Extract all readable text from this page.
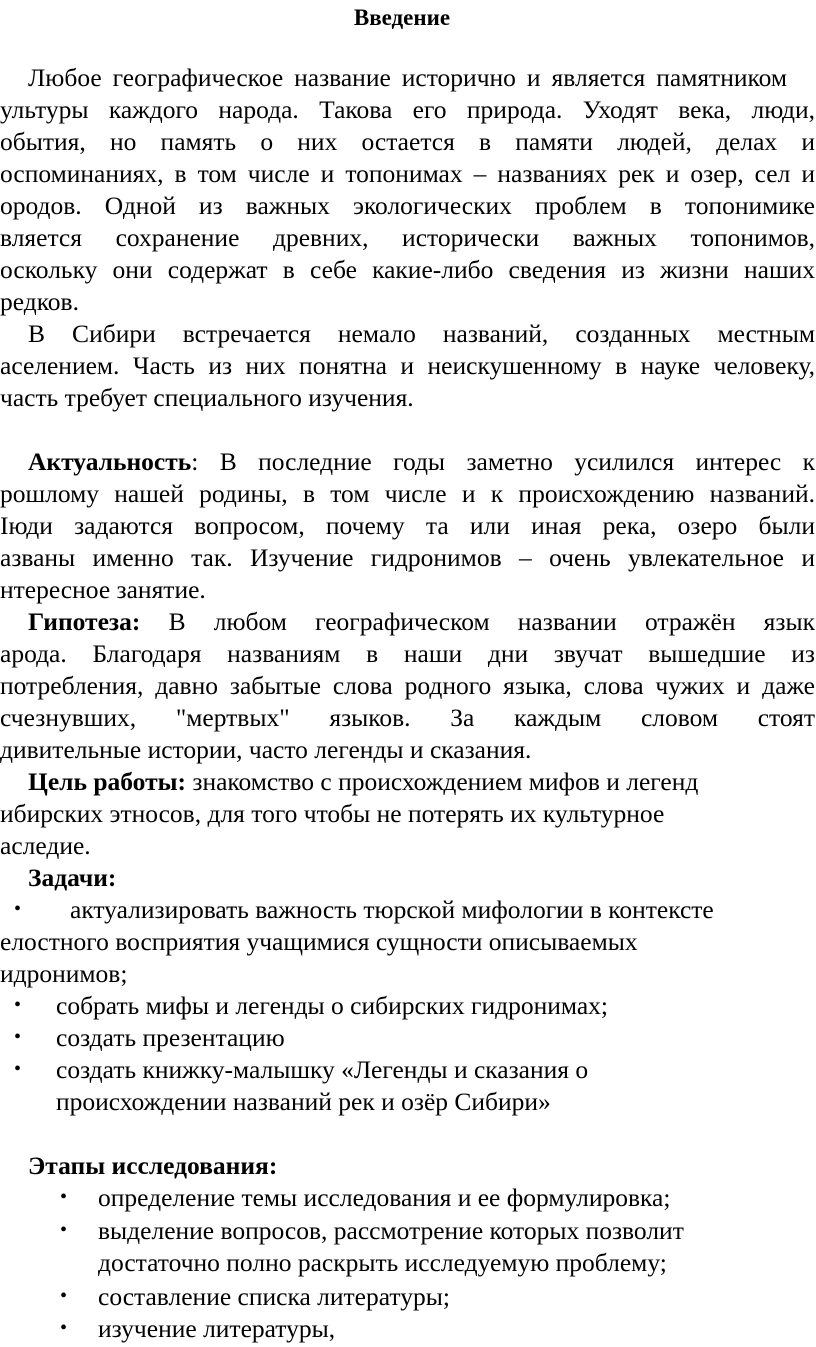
Введение
Любое географическое название исторично и является памятником
ультуры каждого народа. Такова его природа. Уходят века, люди,
обытия, но память о них остается в памяти людей, делах и
оспоминаниях, в том числе и топонимах – названиях рек и озер, сел и
ородов. Одной из важных экологических проблем в топонимике
вляется сохранение древних, исторически важных топонимов,
оскольку они содержат в себе какие-либо сведения из жизни наших
редков.
В Сибири встречается немало названий, созданных местным
аселением. Часть из них понятна и неискушенному в науке человеку,
часть требует специального изучения.
Актуальность: В последние годы заметно усилился интерес к
рошлому нашей родины, в том числе и к происхождению названий.
Іюди задаются вопросом, почему та или иная река, озеро были
азваны именно так. Изучение гидронимов – очень увлекательное и
нтересное занятие.
Гипотеза: В любом географическом названии отражён язык
арода. Благодаря названиям в наши дни звучат вышедшие из
потребления, давно забытые слова родного языка, слова чужих и даже
счезнувших, "мертвых" языков. За каждым словом стоят
дивительные истории, часто легенды и сказания.
Цель работы: знакомство с происхождением мифов и легенд
ибирских этносов, для того чтобы не потерять их культурное
аследие.
Задачи:
• актуализировать важность тюрской мифологии в контексте
елостного восприятия учащимися сущности описываемых
идронимов;
• собрать мифы и легенды о сибирских гидронимах;
• создать презентацию
• создать книжку-малышку «Легенды и сказания о
происхождении названий рек и озёр Сибири»
Этапы исследования:
• определение темы исследования и ее формулировка;
• выделение вопросов, рассмотрение которых позволит
достаточно полно раскрыть исследуемую проблему;
• составление списка литературы;
• изучение литературы,
